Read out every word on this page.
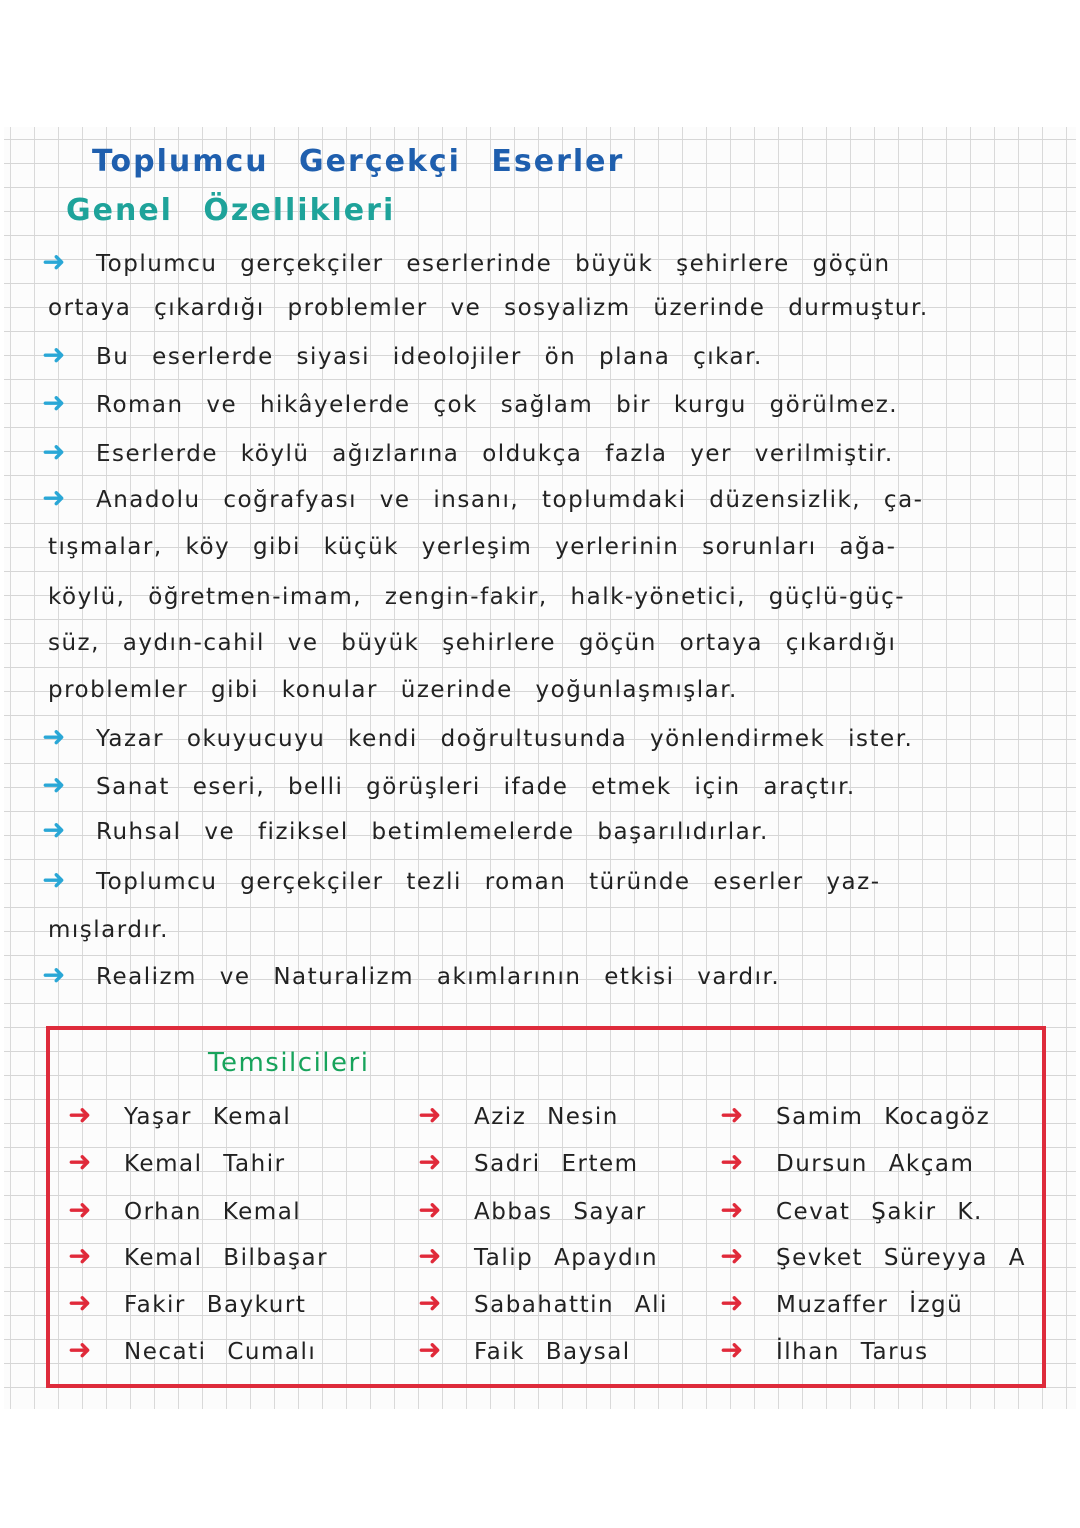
Toplumcu Gerçekçi Eserler
Genel Özellikleri
➜ Toplumcu gerçekçiler eserlerinde büyük şehirlere göçün
ortaya çıkardığı problemler ve sosyalizm üzerinde durmuştur.
➜ Bu eserlerde siyasi ideolojiler ön plana çıkar.
➜ Roman ve hikâyelerde çok sağlam bir kurgu görülmez.
➜ Eserlerde köylü ağızlarına oldukça fazla yer verilmiştir.
➜ Anadolu coğrafyası ve insanı, toplumdaki düzensizlik, ça-
tışmalar, köy gibi küçük yerleşim yerlerinin sorunları ağa-
köylü, öğretmen-imam, zengin-fakir, halk-yönetici, güçlü-güç-
süz, aydın-cahil ve büyük şehirlere göçün ortaya çıkardığı
problemler gibi konular üzerinde yoğunlaşmışlar.
➜ Yazar okuyucuyu kendi doğrultusunda yönlendirmek ister.
➜ Sanat eseri, belli görüşleri ifade etmek için araçtır.
➜ Ruhsal ve fiziksel betimlemelerde başarılıdırlar.
➜ Toplumcu gerçekçiler tezli roman türünde eserler yaz-
mışlardır.
➜ Realizm ve Naturalizm akımlarının etkisi vardır.
Temsilcileri
➜ Yaşar Kemal
➜ Kemal Tahir
➜ Orhan Kemal
➜ Kemal Bilbaşar
➜ Fakir Baykurt
➜ Necati Cumalı
➜ Aziz Nesin
➜ Sadri Ertem
➜ Abbas Sayar
➜ Talip Apaydın
➜ Sabahattin Ali
➜ Faik Baysal
➜ Samim Kocagöz
➜ Dursun Akçam
➜ Cevat Şakir K.
➜ Şevket Süreyya A
➜ Muzaffer İzgü
➜ İlhan Tarus
